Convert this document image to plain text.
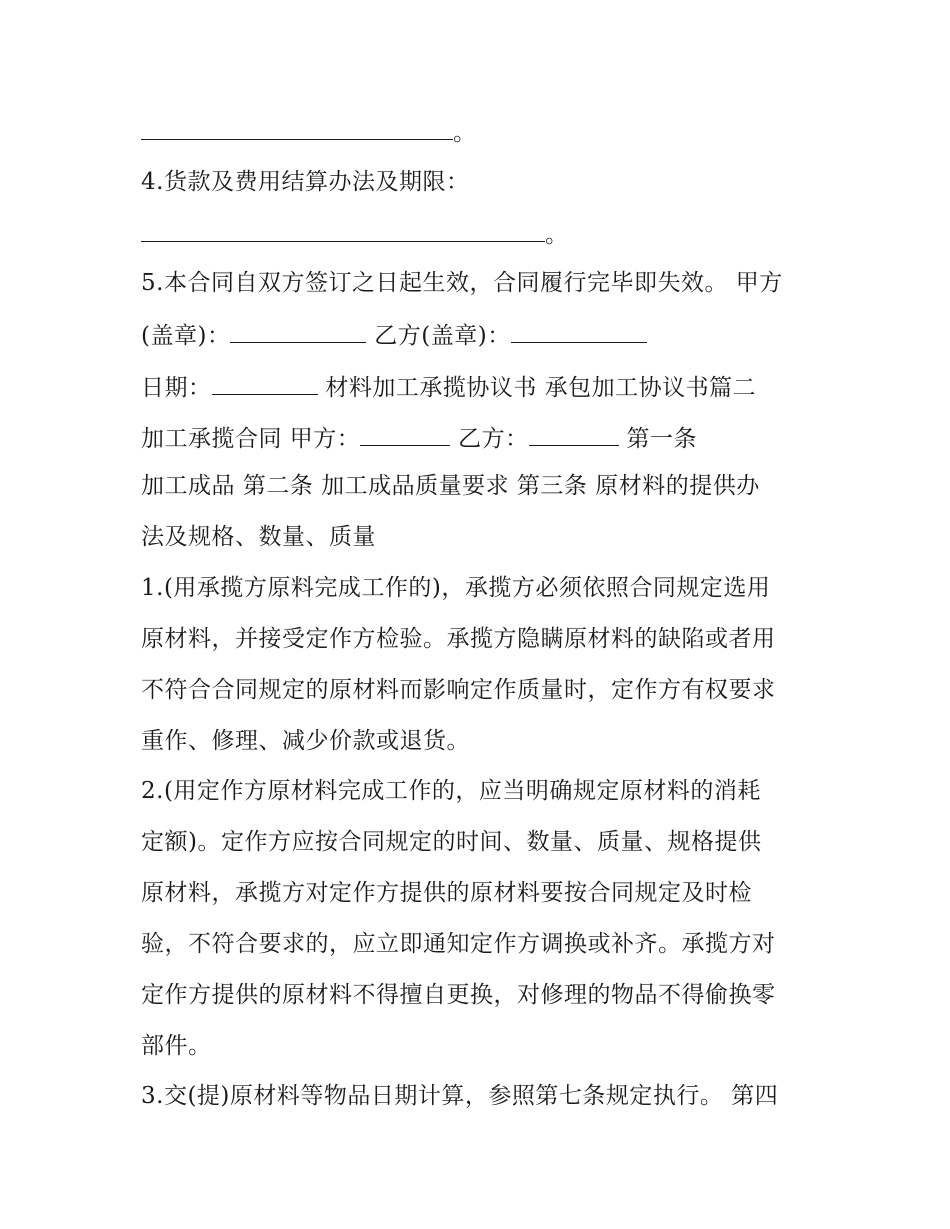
。
4.货款及费用结算办法及期限：
。
5.本合同自双方签订之日起生效，合同履行完毕即失效。 甲方
(盖章)：	乙方(盖章)：
日期：	材料加工承揽协议书 承包加工协议书篇二
加工承揽合同 甲方：	乙方：	第一条
加工成品 第二条 加工成品质量要求 第三条 原材料的提供办
法及规格、数量、质量
1.(用承揽方原料完成工作的)，承揽方必须依照合同规定选用
原材料，并接受定作方检验。承揽方隐瞒原材料的缺陷或者用
不符合合同规定的原材料而影响定作质量时，定作方有权要求
重作、修理、减少价款或退货。
2.(用定作方原材料完成工作的，应当明确规定原材料的消耗
定额)。定作方应按合同规定的时间、数量、质量、规格提供
原材料，承揽方对定作方提供的原材料要按合同规定及时检
验，不符合要求的，应立即通知定作方调换或补齐。承揽方对
定作方提供的原材料不得擅自更换，对修理的物品不得偷换零
部件。
3.交(提)原材料等物品日期计算，参照第七条规定执行。 第四
